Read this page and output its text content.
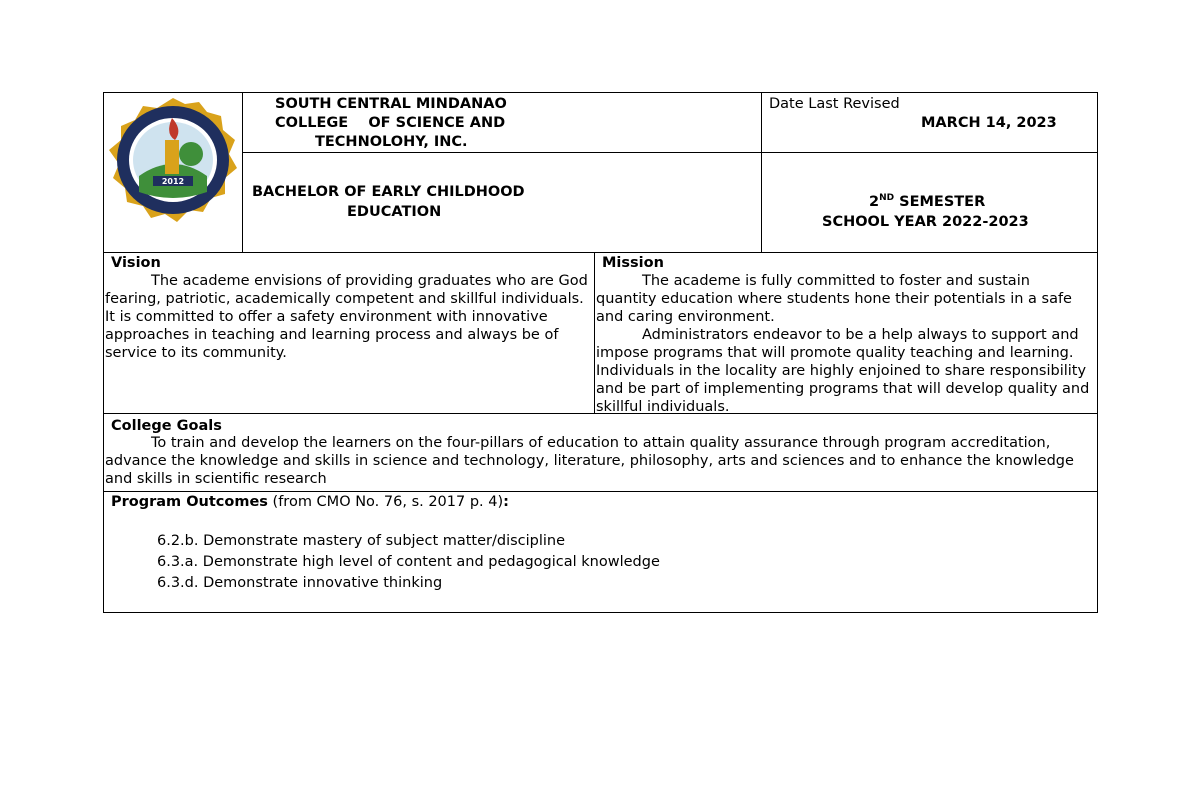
2012
SOUTH CENTRAL MINDANAO
COLLEGE    OF SCIENCE AND
TECHNOLOHY, INC.
Date Last Revised
MARCH 14, 2023
BACHELOR OF EARLY CHILDHOOD
EDUCATION
2ND SEMESTER
SCHOOL YEAR 2022-2023
Vision
The academe envisions of providing graduates who are God fearing, patriotic, academically competent and skillful individuals. It is committed to offer a safety environment with innovative approaches in teaching and learning process and always be of service to its community.
Mission
The academe is fully committed to foster and sustain quantity education where students hone their potentials in a safe and caring environment.
Administrators endeavor to be a help always to support and impose programs that will promote quality teaching and learning. Individuals in the locality are highly enjoined to share responsibility and be part of implementing programs that will develop quality and skillful individuals.
College Goals
To train and develop the learners on the four-pillars of education to attain quality assurance through program accreditation, advance the knowledge and skills in science and technology, literature, philosophy, arts and sciences and to enhance the knowledge and skills in scientific research
Program Outcomes (from CMO No. 76, s. 2017 p. 4):
6.2.b. Demonstrate mastery of subject matter/discipline
6.3.a. Demonstrate high level of content and pedagogical knowledge
6.3.d. Demonstrate innovative thinking
